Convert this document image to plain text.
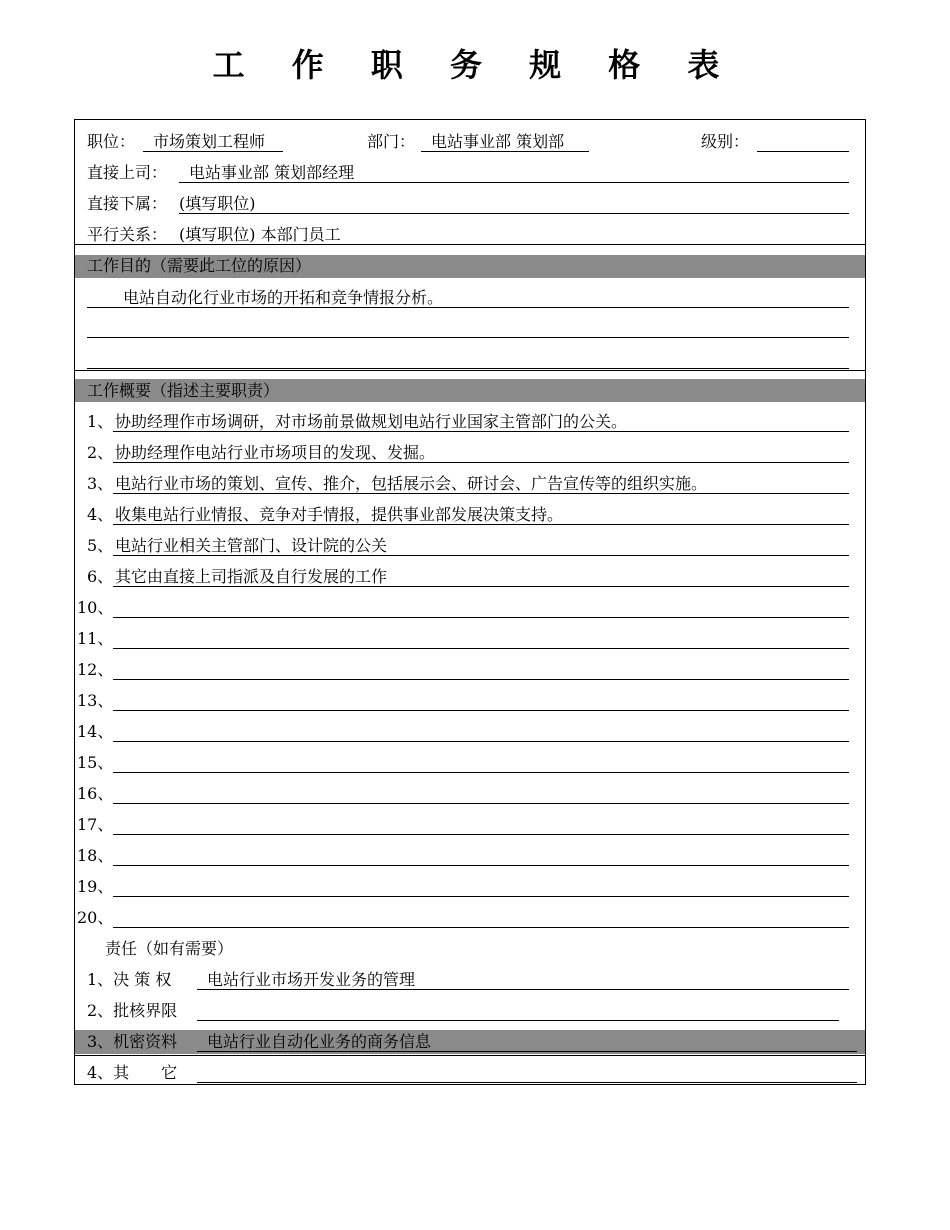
工 作 职 务 规 格 表
职位： 市场策划工程师	部门： 电站事业部 策划部	级别：
直接上司： 电站事业部 策划部经理
直接下属： (填写职位)
平行关系： (填写职位) 本部门员工
工作目的（需要此工位的原因）
电站自动化行业市场的开拓和竞争情报分析。
工作概要（指述主要职责）
1、 协助经理作市场调研，对市场前景做规划电站行业国家主管部门的公关。
2、 协助经理作电站行业市场项目的发现、发掘。
3、 电站行业市场的策划、宣传、推介，包括展示会、研讨会、广告宣传等的组织实施。
4、 收集电站行业情报、竞争对手情报，提供事业部发展决策支持。
5、 电站行业相关主管部门、设计院的公关
6、 其它由直接上司指派及自行发展的工作
10、
11、
12、
13、
14、
15、
16、
17、
18、
19、
20、
责任（如有需要）
1、决 策 权 电站行业市场开发业务的管理
2、批核界限
3、机密资料 电站行业自动化业务的商务信息
4、其　　它
